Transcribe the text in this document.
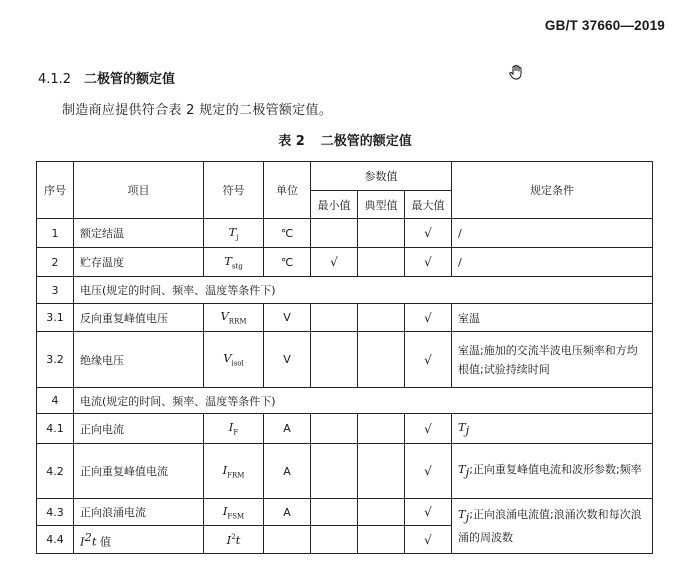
GB/T 37660—2019
4.1.2 二极管的额定值
制造商应提供符合表 2 规定的二极管额定值。
表 2 二极管的额定值
序号	项目	符号	单位	参数值			规定条件
				最小值	典型值	最大值	
1	额定结温	$T_j$	℃			√	/
2	贮存温度	$T_{stg}$	℃	√		√	/
3	电压(规定的时间、频率、温度等条件下)						
3.1	反向重复峰值电压	$V_{RRM}$	V			√	室温
3.2	绝缘电压	$V_{isol}$	V			√	室温;施加的交流半波电压频率和方均根值;试验持续时间
4	电流(规定的时间、频率、温度等条件下)						
4.1	正向电流	$I_F$	A			√	$T_j$
4.2	正向重复峰值电流	$I_{FRM}$	A			√	$T_j$;正向重复峰值电流和波形参数;频率
4.3	正向浪涌电流	$I_{FSM}$	A			√	$T_j$;正向浪涌电流值;浪涌次数和每次浪涌的周波数
4.4	$I^2t$ 值	$I^2t$				√	
